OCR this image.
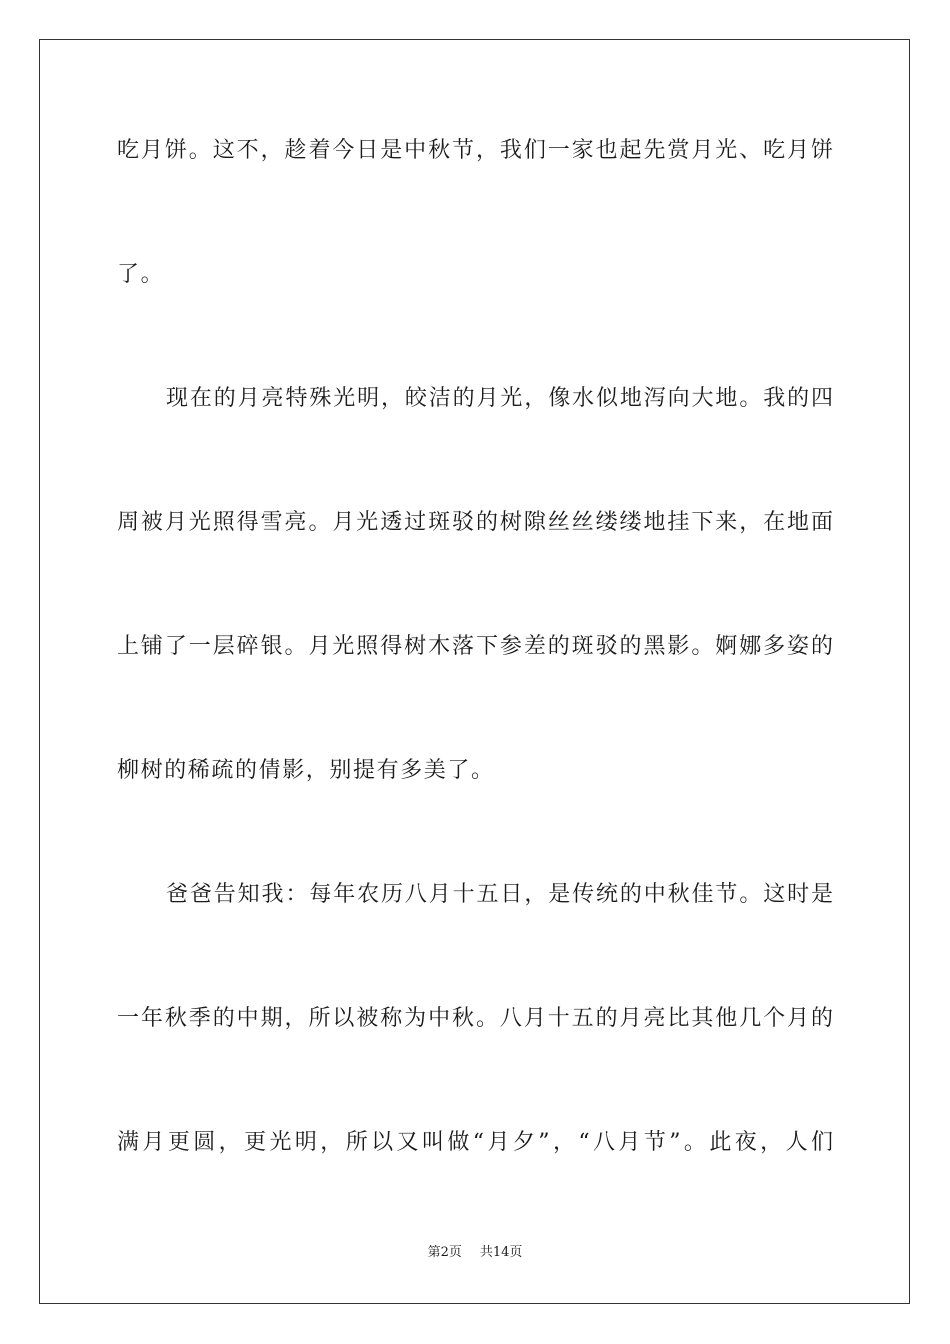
吃月饼。这不，趁着今日是中秋节，我们一家也起先赏月光、吃月饼
了。
现在的月亮特殊光明，皎洁的月光，像水似地泻向大地。我的四
周被月光照得雪亮。月光透过斑驳的树隙丝丝缕缕地挂下来，在地面
上铺了一层碎银。月光照得树木落下参差的斑驳的黑影。婀娜多姿的
柳树的稀疏的倩影，别提有多美了。
爸爸告知我：每年农历八月十五日，是传统的中秋佳节。这时是
一年秋季的中期，所以被称为中秋。八月十五的月亮比其他几个月的
满月更圆，更光明，所以又叫做“月夕”，“八月节”。此夜，人们
第2页 共14页
